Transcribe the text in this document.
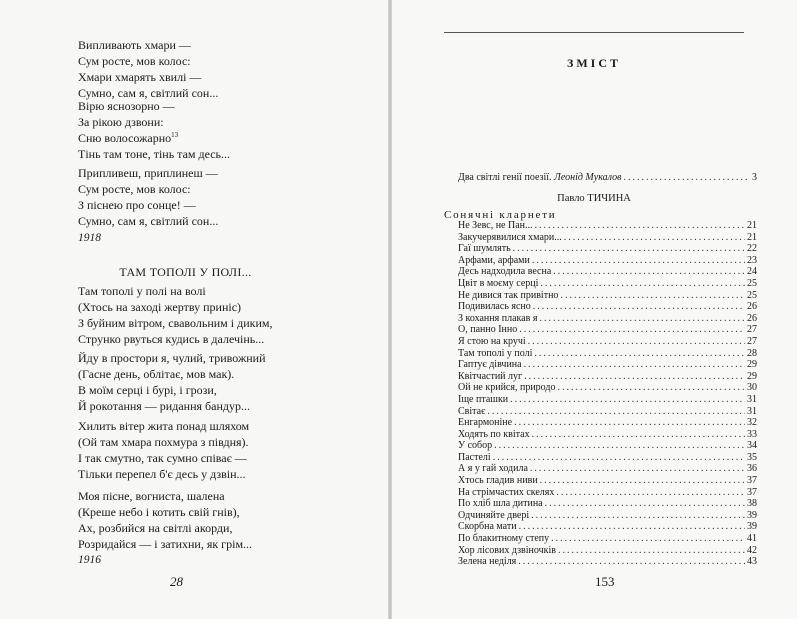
Випливають хмари —
Сум росте, мов колос:
Хмари хмарять хвилі —
Сумно, сам я, світлий сон...
Вірю яснозорно —
За рікою дзвони:
Сню волосожарно$^{13}$
Тінь там тоне, тінь там десь...
Припливеш, приплинеш —
Сум росте, мов колос:
З піснею про сонце! —
Сумно, сам я, світлий сон...
1918
ТАМ ТОПОЛІ У ПОЛІ...
Там тополі у полі на волі
(Хтось на заході жертву приніс)
З буйним вітром, свавольним і диким,
Струнко рвуться кудись в далечінь...
Йду в простори я, чулий, тривожний
(Гасне день, облітає, мов мак).
В моїм серці і бурі, і грози,
Й рокотання — ридання бандур...
Хилить вітер жита понад шляхом
(Ой там хмара похмура з півдня).
І так смутно, так сумно співає —
Тільки перепел б'є десь у дзвін...
Моя пісне, вогниста, шалена
(Креше небо і котить свій гнів),
Ах, розбийся на світлі акорди,
Розридайся — і затихни, як грім...
1916
28
ЗМІСТ
Два світлі генії поезії. Леонід Мукалов .....	3
Павло ТИЧИНА
Сонячні кларнети
Не Зевс, не Пан... .....	21
Закучерявилися хмари... .....	21
Гаї шумлять .....	22
Арфами, арфами .....	23
Десь надходила весна .....	24
Цвіт в моєму серці .....	25
Не дивися так привітно .....	25
Подивилась ясно .....	26
З кохання плакав я .....	26
О, панно Інно .....	27
Я стою на кручі .....	27
Там тополі у полі .....	28
Гаптує дівчина .....	29
Квітчастий луг .....	29
Ой не крийся, природо .....	30
Іще пташки .....	31
Світає .....	31
Енгармоніне .....	32
Ходять по квітах .....	33
У собор .....	34
Пастелі .....	35
А я у гай ходила .....	36
Хтось гладив ниви .....	37
На стрімчастих скелях .....	37
По хліб шла дитина .....	38
Одчиняйте двері .....	39
Скорбна мати .....	39
По блакитному степу .....	41
Хор лісових дзвіночків .....	42
Зелена неділя .....	43
153
